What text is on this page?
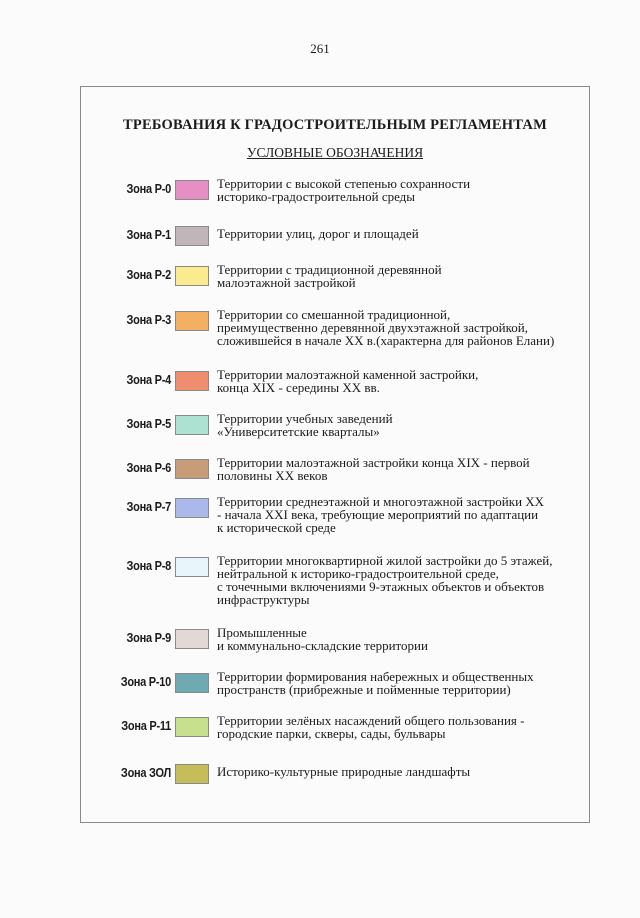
261
ТРЕБОВАНИЯ К ГРАДОСТРОИТЕЛЬНЫМ РЕГЛАМЕНТАМ
УСЛОВНЫЕ ОБОЗНАЧЕНИЯ
Зона Р-0	Территории с высокой степенью сохранности
историко-градостроительной среды
Зона Р-1	Территории улиц, дорог и площадей
Зона Р-2	Территории с традиционной деревянной
малоэтажной застройкой
Зона Р-3	Территории со смешанной традиционной,
преимущественно деревянной двухэтажной застройкой,
сложившейся в начале XX в.(характерна для районов Елани)
Зона Р-4	Территории малоэтажной каменной застройки,
конца XIX - середины XX вв.
Зона Р-5	Территории учебных заведений
«Университетские кварталы»
Зона Р-6	Территории малоэтажной застройки конца XIX - первой
половины XX веков
Зона Р-7	Территории среднеэтажной и многоэтажной застройки XX
- начала XXI века, требующие мероприятий по адаптации
к исторической среде
Зона Р-8	Территории многоквартирной жилой застройки до 5 этажей,
нейтральной к историко-градостроительной среде,
с точечными включениями 9-этажных объектов и объектов
инфраструктуры
Зона Р-9	Промышленные
и коммунально-складские территории
Зона Р-10	Территории формирования набережных и общественных
пространств (прибрежные и пойменные территории)
Зона Р-11	Территории зелёных насаждений общего пользования -
городские парки, скверы, сады, бульвары
Зона ЗОЛ	Историко-культурные природные ландшафты
